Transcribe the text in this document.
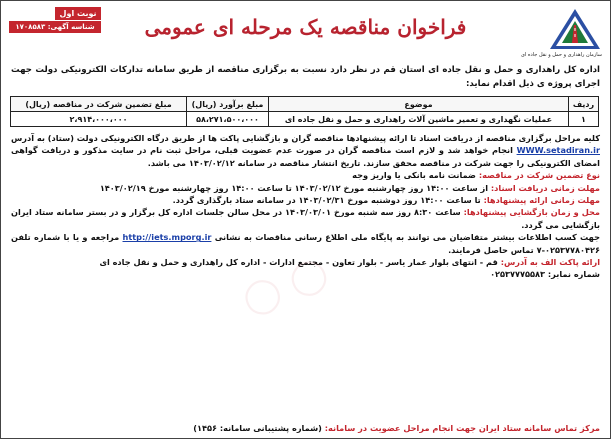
سازمان راهداری و حمل و نقل جاده ای
فراخوان مناقصه یک مرحله ای عمومی
نوبت اول
شناسه آگهی: ۱۷۰۸۵۸۳

اداره کل راهداری و حمل و نقل جاده ای استان قم در نظر دارد نسبت به برگزاری مناقصه از طریق سامانه تدارکات الکترونیکی دولت جهت اجرای پروژه ی ذیل اقدام نماید:

ردیف	موضوع	مبلغ برآورد (ریال)	مبلغ تضمین شرکت در مناقصه (ریال)
۱	عملیات نگهداری و تعمیر ماشین آلات راهداری و حمل و نقل جاده ای	۵۸،۲۷۱،۵۰۰،۰۰۰	۲،۹۱۴،۰۰۰،۰۰۰

کلیه مراحل برگزاری مناقصه از دریافت اسناد تا ارائه پیشنهادها مناقصه گران و بازگشایی پاکت ها از طریق درگاه الکترونیکی دولت (ستاد) به آدرس WWW.setadiran.ir انجام خواهد شد و لازم است مناقصه گران در صورت عدم عضویت قبلی، مراحل ثبت نام در سایت مذکور و دریافت گواهی امضای الکترونیکی را جهت شرکت در مناقصه محقق سازند. تاریخ انتشار مناقصه در سامانه ۱۴۰۳/۰۲/۱۲ می باشد.

نوع تضمین شرکت در مناقصه: ضمانت نامه بانکی یا واریز وجه

مهلت زمانی دریافت اسناد: از ساعت ۱۴:۰۰ روز چهارشنبه مورخ ۱۴۰۳/۰۲/۱۲ تا ساعت ۱۴:۰۰ روز چهارشنبه مورخ ۱۴۰۳/۰۲/۱۹

مهلت زمانی ارائه پیشنهادها: تا ساعت ۱۴:۰۰ روز دوشنبه مورخ ۱۴۰۳/۰۲/۳۱ در سامانه ستاد بارگذاری گردد.

محل و زمان بازگشایی پیشنهادها: ساعت ۸:۳۰ روز سه شنبه مورخ ۱۴۰۳/۰۳/۰۱ در محل سالن جلسات اداره کل برگزار و در بستر سامانه ستاد ایران بازگشایی می گردد.

جهت کسب اطلاعات بیشتر متقاضیان می توانند به پایگاه ملی اطلاع رسانی مناقصات به نشانی http://iets.mporg.ir مراجعه و یا با شماره تلفن ۰۲۵۳۷۷۸۰۴۲۶-۷ تماس حاصل فرمایند.

ارائه پاکت الف به آدرس: قم - انتهای بلوار عمار یاسر - بلوار تعاون - مجتمع ادارات - اداره کل راهداری و حمل و نقل جاده ای

شماره نمابر: ۰۲۵۳۷۷۷۵۵۸۳

◯ ◯
مرکز تماس سامانه ستاد ایران جهت انجام مراحل عضویت در سامانه: (شماره پشتیبانی سامانه: ۱۴۵۶)
